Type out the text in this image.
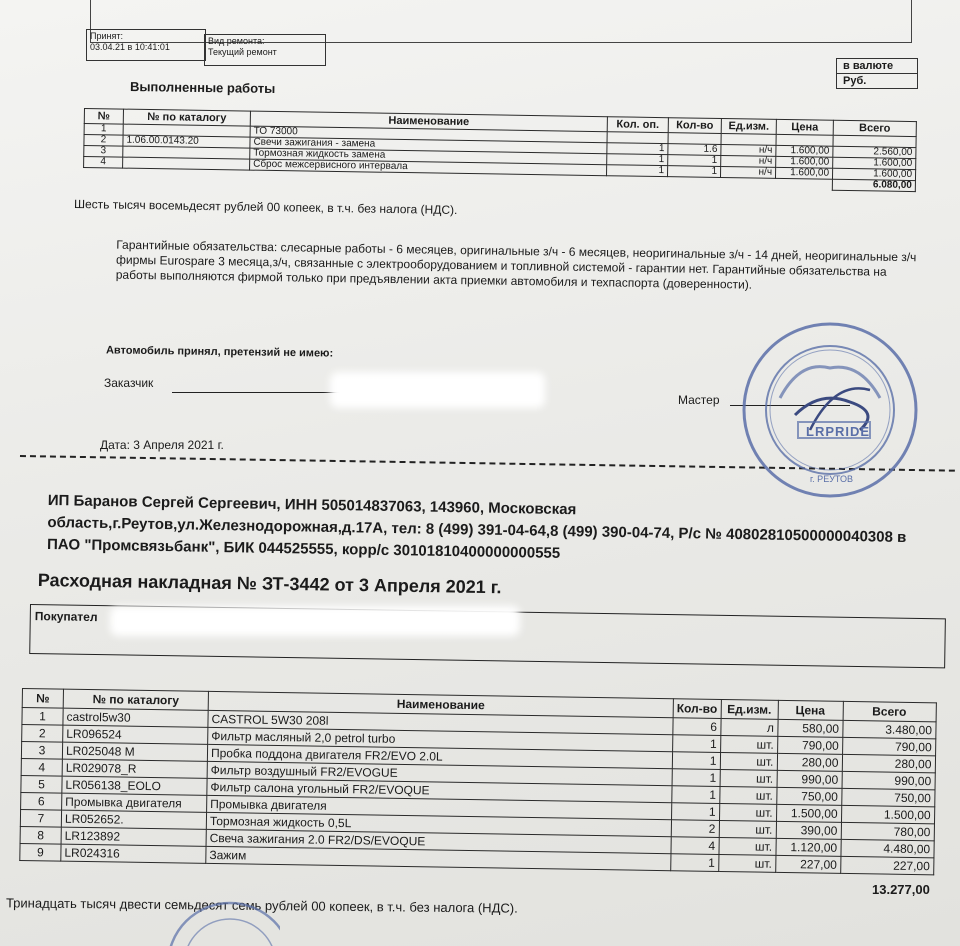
Принят:
03.04.21 в 10:41:01
Вид ремонта:
Текущий ремонт
в валюте
Руб.
Выполненные работы
№	№ по каталогу	Наименование	Кол. оп.	Кол-во	Ед.изм.	Цена	Всего
1		ТО 73000					
2	1.06.00.0143.20	Свечи зажигания - замена	1	1.6	н/ч	1.600,00	2.560,00
3		Тормозная жидкость замена	1	1	н/ч	1.600,00	1.600,00
4		Сброс межсервисного интервала	1	1	н/ч	1.600,00	1.600,00
							6.080,00
Шесть тысяч восемьдесят рублей 00 копеек, в т.ч. без налога (НДС).
Гарантийные обязательства: слесарные работы - 6 месяцев, оригинальные з/ч - 6 месяцев, неоригинальные з/ч - 14 дней, неоригинальные з/ч фирмы Eurospare 3 месяца,з/ч, связанные с электрооборудованием и топливной системой - гарантии нет. Гарантийные обязательства на работы выполняются фирмой только при предъявлении акта приемки автомобиля и техпаспорта (доверенности).
Автомобиль принял, претензий не имею:
Заказчик
Мастер
Дата: 3 Апреля 2021 г.
LRPRIDE
г. РЕУТОВ
ИП Баранов Сергей Сергеевич, ИНН 505014837063, 143960, Московская область,г.Реутов,ул.Железнодорожная,д.17А, тел: 8 (499) 391-04-64,8 (499) 390-04-74, Р/с № 40802810500000040308 в ПАО "Промсвязьбанк", БИК 044525555, корр/с 30101810400000000555
Расходная накладная № ЗТ-3442 от 3 Апреля 2021 г.
Покупател
№	№ по каталогу	Наименование	Кол-во	Ед.изм.	Цена	Всего
1	castrol5w30	CASTROL 5W30 208l	6	л	580,00	3.480,00
2	LR096524	Фильтр масляный 2,0 petrol turbo	1	шт.	790,00	790,00
3	LR025048 M	Пробка поддона двигателя FR2/EVO 2.0L	1	шт.	280,00	280,00
4	LR029078_R	Фильтр воздушный FR2/EVOGUE	1	шт.	990,00	990,00
5	LR056138_EOLO	Фильтр салона угольный FR2/EVOQUE	1	шт.	750,00	750,00
6	Промывка двигателя	Промывка двигателя	1	шт.	1.500,00	1.500,00
7	LR052652.	Тормозная жидкость 0,5L	2	шт.	390,00	780,00
8	LR123892	Свеча зажигания 2.0 FR2/DS/EVOQUE	4	шт.	1.120,00	4.480,00
9	LR024316	Зажим	1	шт.	227,00	227,00
13.277,00
Тринадцать тысяч двести семьдесят семь рублей 00 копеек, в т.ч. без налога (НДС).
